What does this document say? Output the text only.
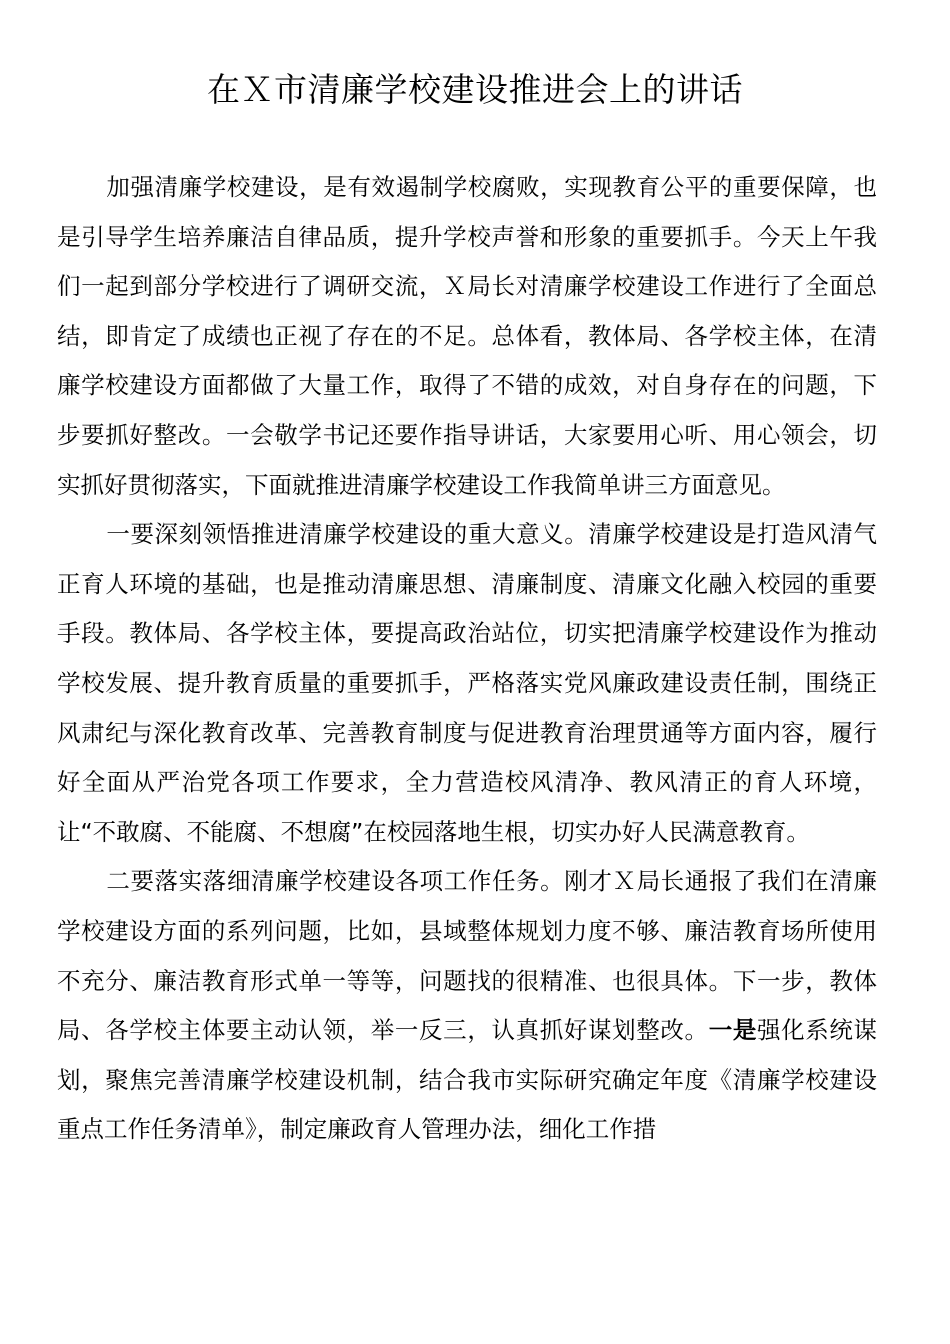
在Ｘ市清廉学校建设推进会上的讲话

加强清廉学校建设，是有效遏制学校腐败，实现教育公平的重要保障，也是引导学生培养廉洁自律品质，提升学校声誉和形象的重要抓手。今天上午我们一起到部分学校进行了调研交流，Ｘ局长对清廉学校建设工作进行了全面总结，即肯定了成绩也正视了存在的不足。总体看，教体局、各学校主体，在清廉学校建设方面都做了大量工作，取得了不错的成效，对自身存在的问题，下步要抓好整改。一会敬学书记还要作指导讲话，大家要用心听、用心领会，切实抓好贯彻落实，下面就推进清廉学校建设工作我简单讲三方面意见。

一要深刻领悟推进清廉学校建设的重大意义。清廉学校建设是打造风清气正育人环境的基础，也是推动清廉思想、清廉制度、清廉文化融入校园的重要手段。教体局、各学校主体，要提高政治站位，切实把清廉学校建设作为推动学校发展、提升教育质量的重要抓手，严格落实党风廉政建设责任制，围绕正风肃纪与深化教育改革、完善教育制度与促进教育治理贯通等方面内容，履行好全面从严治党各项工作要求，全力营造校风清净、教风清正的育人环境，让“不敢腐、不能腐、不想腐”在校园落地生根，切实办好人民满意教育。

二要落实落细清廉学校建设各项工作任务。刚才Ｘ局长通报了我们在清廉学校建设方面的系列问题，比如，县域整体规划力度不够、廉洁教育场所使用不充分、廉洁教育形式单一等等，问题找的很精准、也很具体。下一步，教体局、各学校主体要主动认领，举一反三，认真抓好谋划整改。一是强化系统谋划，聚焦完善清廉学校建设机制，结合我市实际研究确定年度《清廉学校建设重点工作任务清单》，制定廉政育人管理办法，细化工作措
